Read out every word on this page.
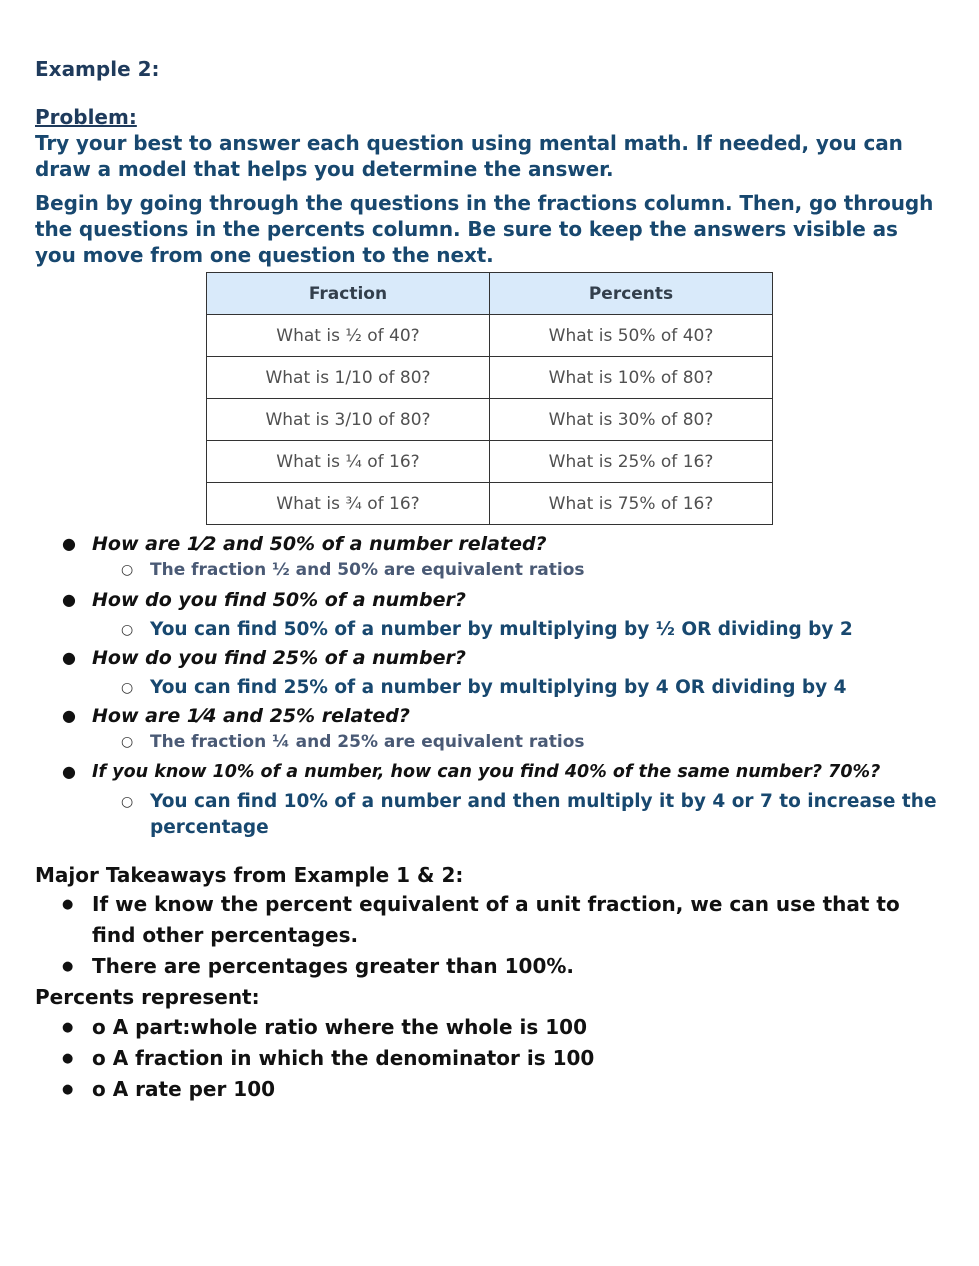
Example 2:
Problem:
Try your best to answer each question using mental math. If needed, you can draw a model that helps you determine the answer.
Begin by going through the questions in the fractions column. Then, go through the questions in the percents column. Be sure to keep the answers visible as you move from one question to the next.
Fraction	Percents
What is ½ of 40?	What is 50% of 40?
What is 1/10 of 80?	What is 10% of 80?
What is 3/10 of 80?	What is 30% of 80?
What is ¼ of 16?	What is 25% of 16?
What is ¾ of 16?	What is 75% of 16?
● How are 1⁄2 and 50% of a number related?
○ The fraction ½ and 50% are equivalent ratios
● How do you find 50% of a number?
○ You can find 50% of a number by multiplying by ½ OR dividing by 2
● How do you find 25% of a number?
○ You can find 25% of a number by multiplying by 4 OR dividing by 4
● How are 1⁄4 and 25% related?
○ The fraction ¼ and 25% are equivalent ratios
● If you know 10% of a number, how can you find 40% of the same number? 70%?
○ You can find 10% of a number and then multiply it by 4 or 7 to increase the percentage
Major Takeaways from Example 1 & 2:
● If we know the percent equivalent of a unit fraction, we can use that to find other percentages.
● There are percentages greater than 100%.
Percents represent:
● o A part:whole ratio where the whole is 100
● o A fraction in which the denominator is 100
● o A rate per 100
